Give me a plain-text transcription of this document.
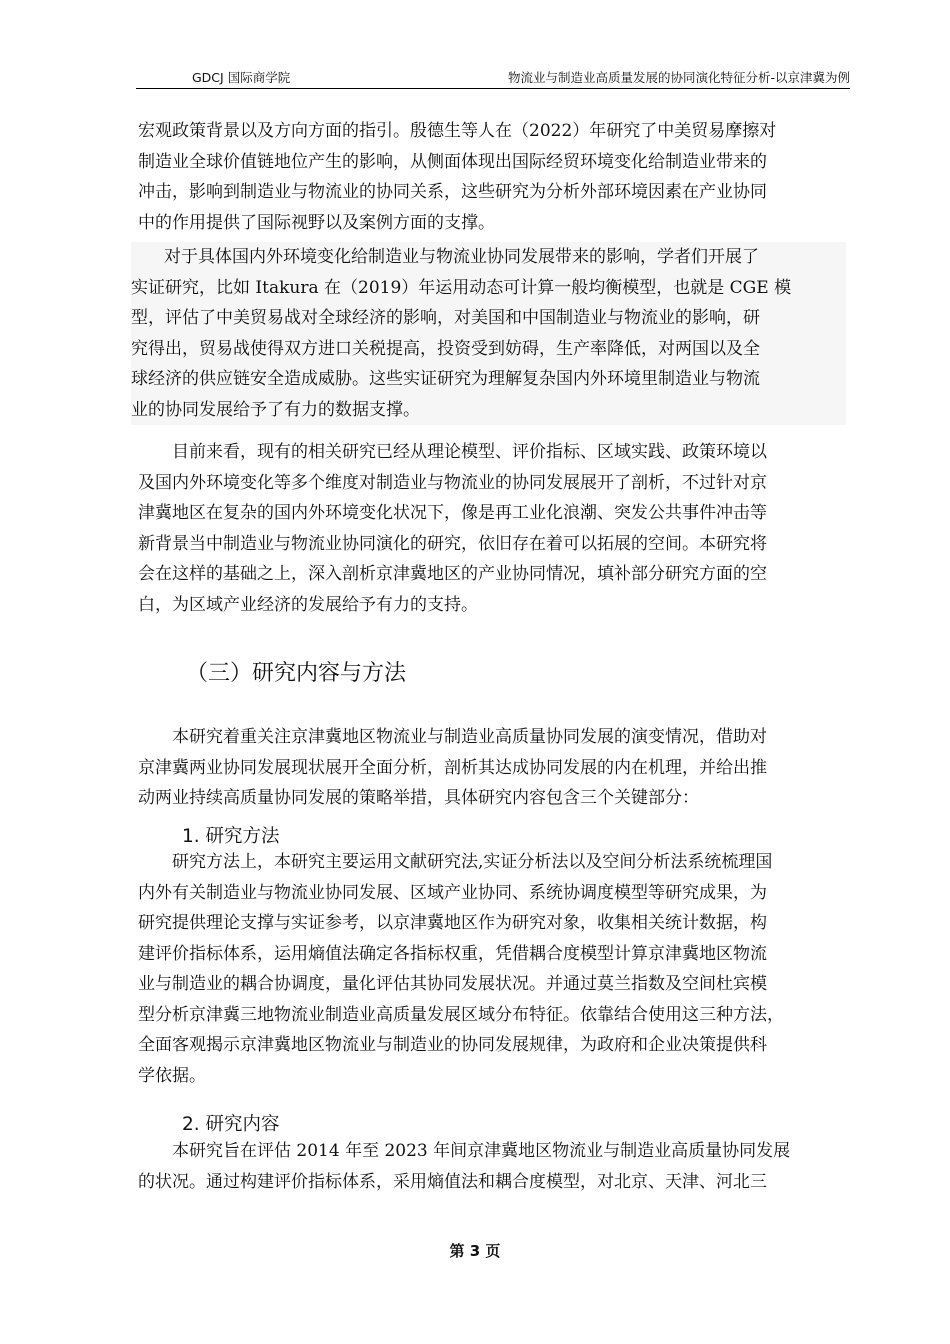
GDCJ 国际商学院	物流业与制造业高质量发展的协同演化特征分析-以京津冀为例
宏观政策背景以及方向方面的指引。殷德生等人在（2022）年研究了中美贸易摩擦对
制造业全球价值链地位产生的影响，从侧面体现出国际经贸环境变化给制造业带来的
冲击，影响到制造业与物流业的协同关系，这些研究为分析外部环境因素在产业协同
中的作用提供了国际视野以及案例方面的支撑。
对于具体国内外环境变化给制造业与物流业协同发展带来的影响，学者们开展了
实证研究，比如 Itakura 在（2019）年运用动态可计算一般均衡模型，也就是 CGE 模
型，评估了中美贸易战对全球经济的影响，对美国和中国制造业与物流业的影响，研
究得出，贸易战使得双方进口关税提高，投资受到妨碍，生产率降低，对两国以及全
球经济的供应链安全造成威胁。这些实证研究为理解复杂国内外环境里制造业与物流
业的协同发展给予了有力的数据支撑。
目前来看，现有的相关研究已经从理论模型、评价指标、区域实践、政策环境以
及国内外环境变化等多个维度对制造业与物流业的协同发展展开了剖析，不过针对京
津冀地区在复杂的国内外环境变化状况下，像是再工业化浪潮、突发公共事件冲击等
新背景当中制造业与物流业协同演化的研究，依旧存在着可以拓展的空间。本研究将
会在这样的基础之上，深入剖析京津冀地区的产业协同情况，填补部分研究方面的空
白，为区域产业经济的发展给予有力的支持。
（三）研究内容与方法
本研究着重关注京津冀地区物流业与制造业高质量协同发展的演变情况，借助对
京津冀两业协同发展现状展开全面分析，剖析其达成协同发展的内在机理，并给出推
动两业持续高质量协同发展的策略举措，具体研究内容包含三个关键部分：
1. 研究方法
研究方法上，本研究主要运用文献研究法,实证分析法以及空间分析法系统梳理国
内外有关制造业与物流业协同发展、区域产业协同、系统协调度模型等研究成果，为
研究提供理论支撑与实证参考，以京津冀地区作为研究对象，收集相关统计数据，构
建评价指标体系，运用熵值法确定各指标权重，凭借耦合度模型计算京津冀地区物流
业与制造业的耦合协调度，量化评估其协同发展状况。并通过莫兰指数及空间杜宾模
型分析京津冀三地物流业制造业高质量发展区域分布特征。依靠结合使用这三种方法，
全面客观揭示京津冀地区物流业与制造业的协同发展规律，为政府和企业决策提供科
学依据。
2. 研究内容
本研究旨在评估 2014 年至 2023 年间京津冀地区物流业与制造业高质量协同发展
的状况。通过构建评价指标体系，采用熵值法和耦合度模型，对北京、天津、河北三
第 3 页
